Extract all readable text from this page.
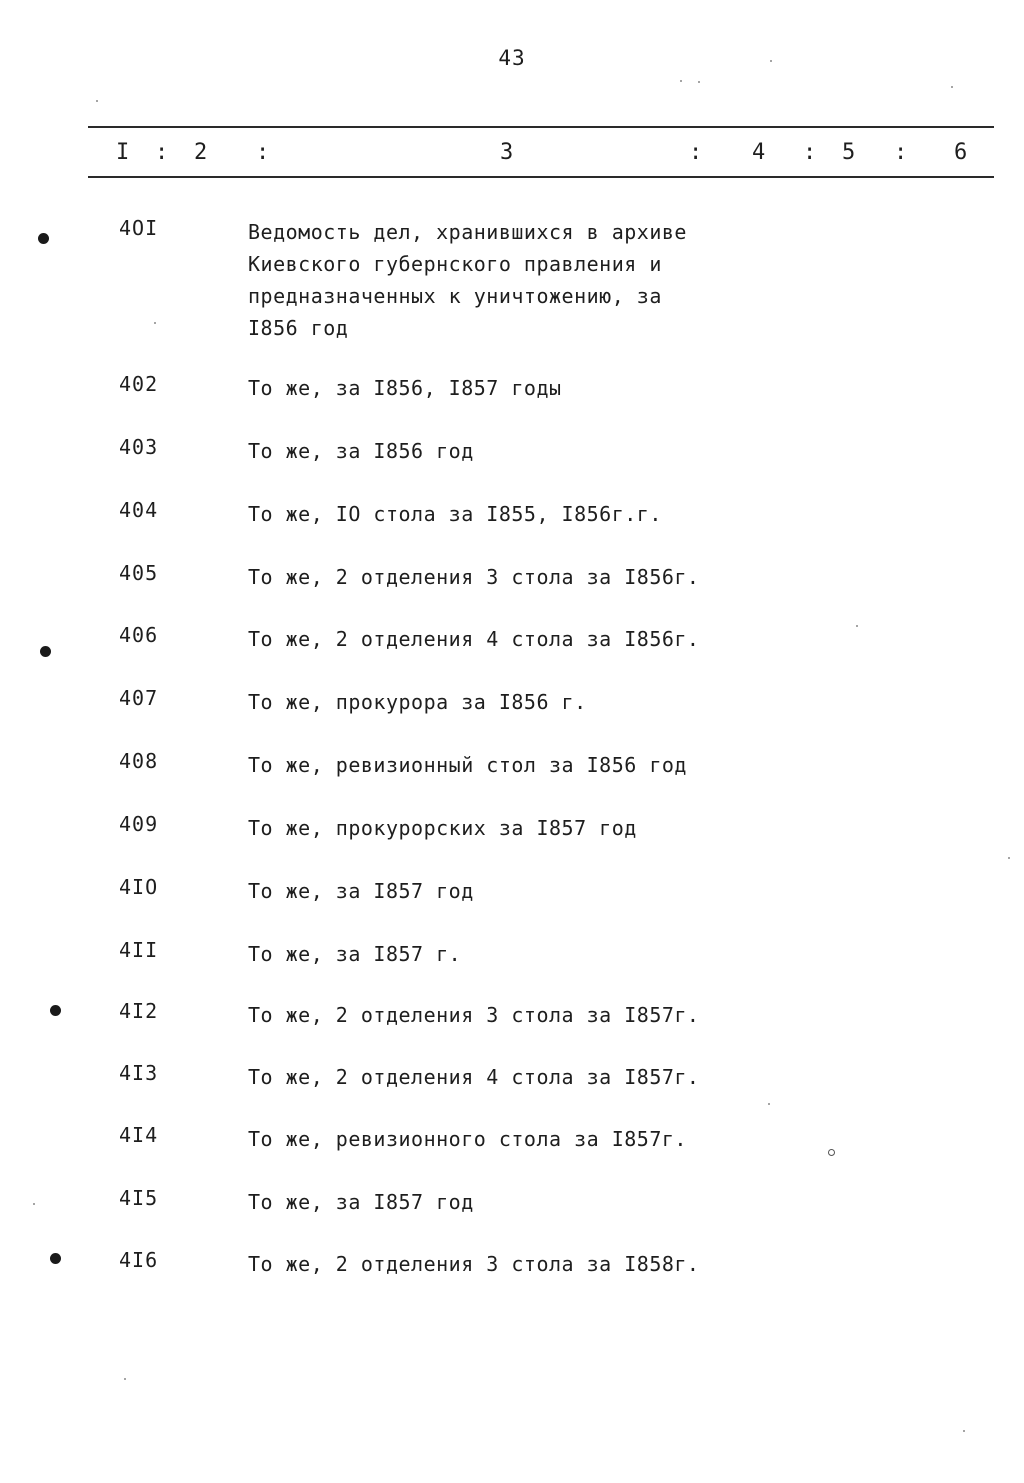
43
I : 2 :	3	: 4 : 5 : 6
4OI	Ведомость дел, хранившихся в архиве Киевского губернского правления и предназначенных к уничтожению, за I856 год
402	То же, за I856, I857 годы
403	То же, за I856 год
404	То же, IO стола за I855, I856г.г.
405	То же, 2 отделения 3 стола за I856г.
406	То же, 2 отделения 4 стола за I856г.
407	То же, прокурора за I856 г.
408	То же, ревизионный стол за I856 год
409	То же, прокурорских за I857 год
4IO	То же, за I857 год
4II	То же, за I857 г.
4I2	То же, 2 отделения 3 стола за I857г.
4I3	То же, 2 отделения 4 стола за I857г.
4I4	То же, ревизионного стола за I857г.
4I5	То же, за I857 год
4I6	То же, 2 отделения 3 стола за I858г.
